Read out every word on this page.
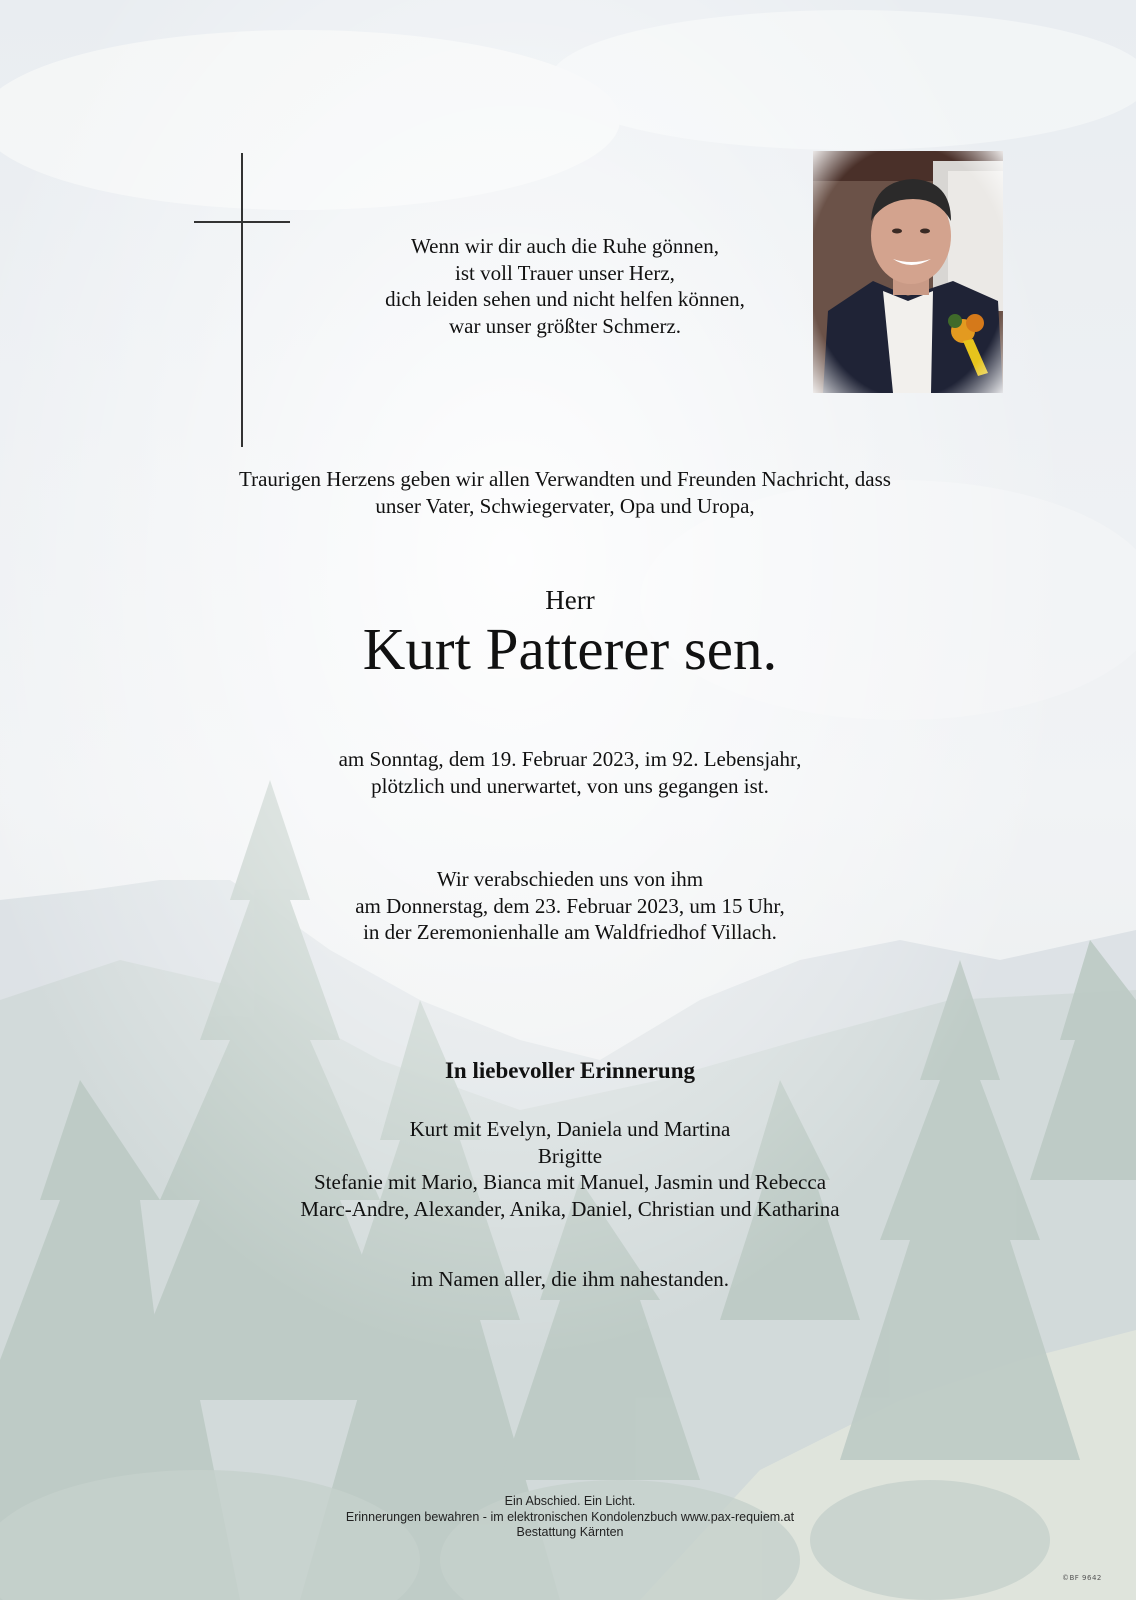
Wenn wir dir auch die Ruhe gönnen,
ist voll Trauer unser Herz,
dich leiden sehen und nicht helfen können,
war unser größter Schmerz.
Traurigen Herzens geben wir allen Verwandten und Freunden Nachricht, dass
unser Vater, Schwiegervater, Opa und Uropa,
Herr
Kurt Patterer sen.
am Sonntag, dem 19. Februar 2023, im 92. Lebensjahr,
plötzlich und unerwartet, von uns gegangen ist.
Wir verabschieden uns von ihm
am Donnerstag, dem 23. Februar 2023, um 15 Uhr,
in der Zeremonienhalle am Waldfriedhof Villach.
In liebevoller Erinnerung
Kurt mit Evelyn, Daniela und Martina
Brigitte
Stefanie mit Mario, Bianca mit Manuel, Jasmin und Rebecca
Marc-Andre, Alexander, Anika, Daniel, Christian und Katharina
im Namen aller, die ihm nahestanden.
Ein Abschied. Ein Licht.
Erinnerungen bewahren - im elektronischen Kondolenzbuch www.pax-requiem.at
Bestattung Kärnten
©BF 9642
